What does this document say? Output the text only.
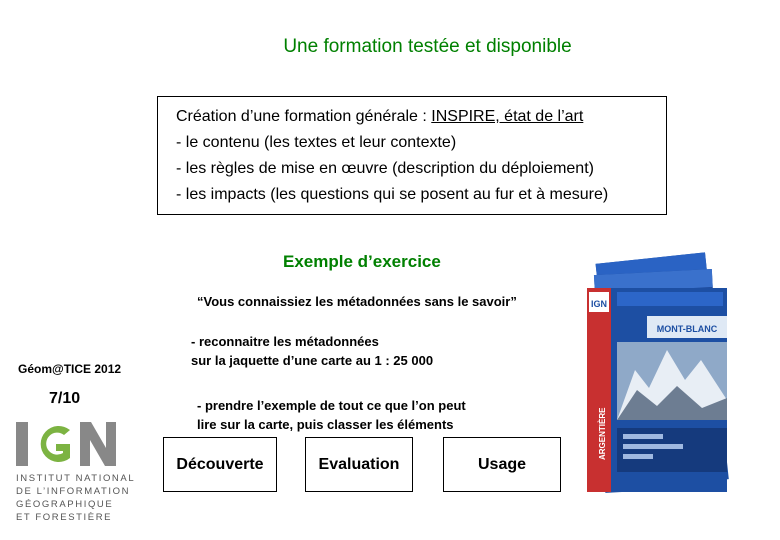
Une formation testée et disponible
Création d’une formation générale : INSPIRE, état de l’art
- le contenu (les textes et leur contexte)
- les règles de mise en œuvre (description du déploiement)
- les impacts (les questions qui se posent au fur et à mesure)
Exemple d’exercice
“Vous connaissiez les métadonnées sans le savoir”
- reconnaitre les métadonnées
sur la jaquette d’une carte au 1 : 25 000
- prendre l’exemple de tout ce que l’on peut
lire sur la carte, puis classer les éléments
Géom@TICE 2012
7/10
INSTITUT NATIONAL
DE L’INFORMATION
GÉOGRAPHIQUE
ET FORESTIÈRE
Découverte	Evaluation	Usage
MONT-BLANC
IGN
ARGENTIÈRE
